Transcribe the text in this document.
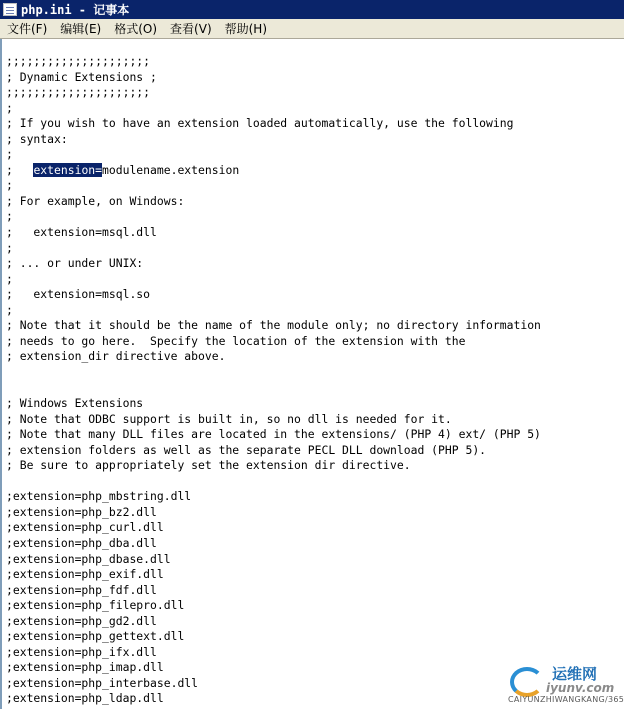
php.ini - 记事本
文件(F)	编辑(E)	格式(O)	查看(V)	帮助(H)
;;;;;;;;;;;;;;;;;;;;;
; Dynamic Extensions ;
;;;;;;;;;;;;;;;;;;;;;
;
; If you wish to have an extension loaded automatically, use the following
; syntax:
;
;   extension=modulename.extension
;
; For example, on Windows:
;
;   extension=msql.dll
;
; ... or under UNIX:
;
;   extension=msql.so
;
; Note that it should be the name of the module only; no directory information
; needs to go here.  Specify the location of the extension with the
; extension_dir directive above.
; Windows Extensions
; Note that ODBC support is built in, so no dll is needed for it.
; Note that many DLL files are located in the extensions/ (PHP 4) ext/ (PHP 5)
; extension folders as well as the separate PECL DLL download (PHP 5).
; Be sure to appropriately set the extension dir directive.
;extension=php_mbstring.dll
;extension=php_bz2.dll
;extension=php_curl.dll
;extension=php_dba.dll
;extension=php_dbase.dll
;extension=php_exif.dll
;extension=php_fdf.dll
;extension=php_filepro.dll
;extension=php_gd2.dll
;extension=php_gettext.dll
;extension=php_ifx.dll
;extension=php_imap.dll
;extension=php_interbase.dll
;extension=php_ldap.dll
运维网
iyunv.com
CAIYUNZHIWANGKANG/365
